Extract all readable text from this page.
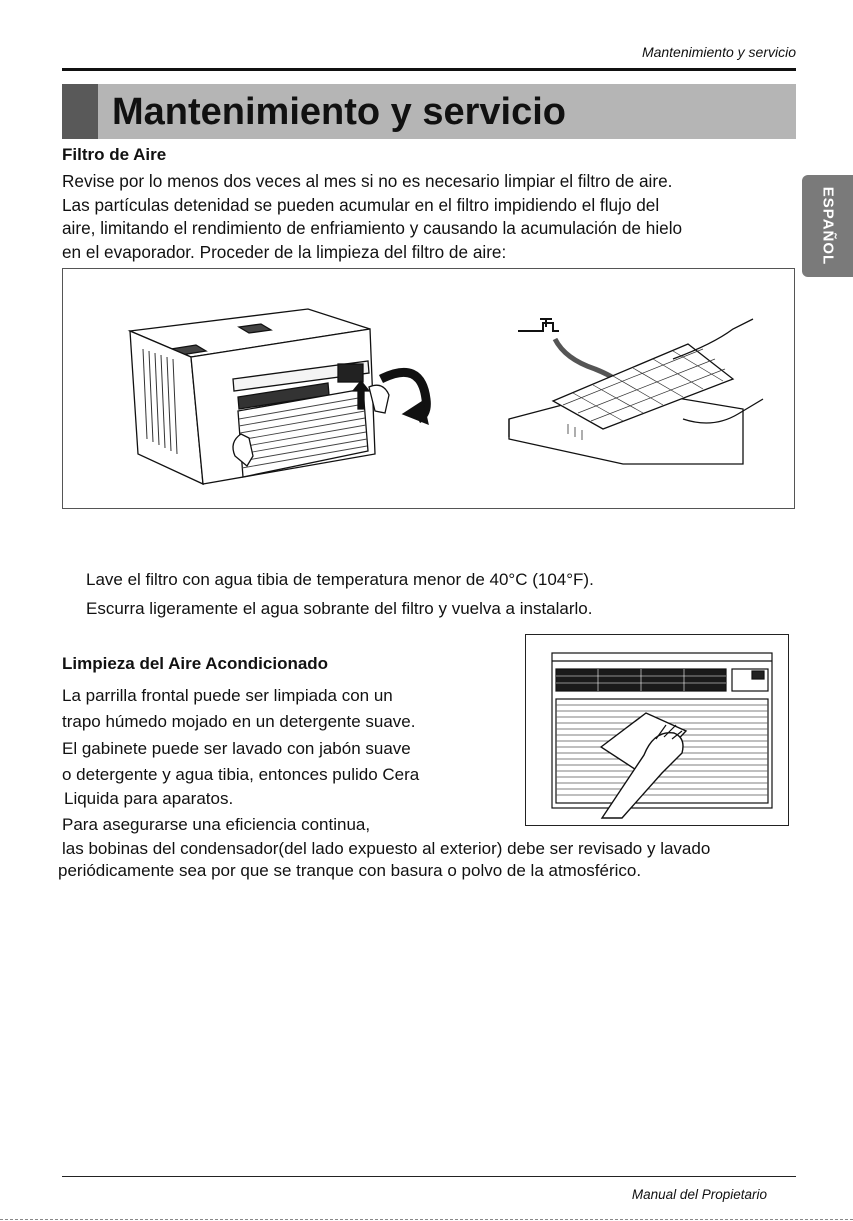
Mantenimiento y servicio
Mantenimiento y servicio
ESPAÑOL
Filtro de Aire

Revise por lo menos dos veces al mes si no es necesario limpiar el filtro de aire.

Las partículas detenidad se pueden acumular en el filtro impidiendo el flujo del

aire, limitando el rendimiento de enfriamiento y causando la acumulación de hielo

en el evaporador. Proceder de la limpieza del filtro de aire:

Lave el filtro con agua tibia de temperatura menor de 40°C (104°F).
Escurra ligeramente el agua sobrante del filtro y vuelva a instalarlo.
Limpieza del Aire Acondicionado
La parrilla frontal puede ser limpiada con un
trapo húmedo mojado en un detergente suave.
El gabinete puede ser lavado con jabón suave
o detergente y agua tibia, entonces pulido Cera
Liquida para aparatos.
Para asegurarse una eficiencia continua,
las bobinas del condensador(del lado expuesto al exterior) debe ser revisado y lavado
periódicamente sea por que se tranque con basura o polvo de la atmosférico.
Manual del Propietario
